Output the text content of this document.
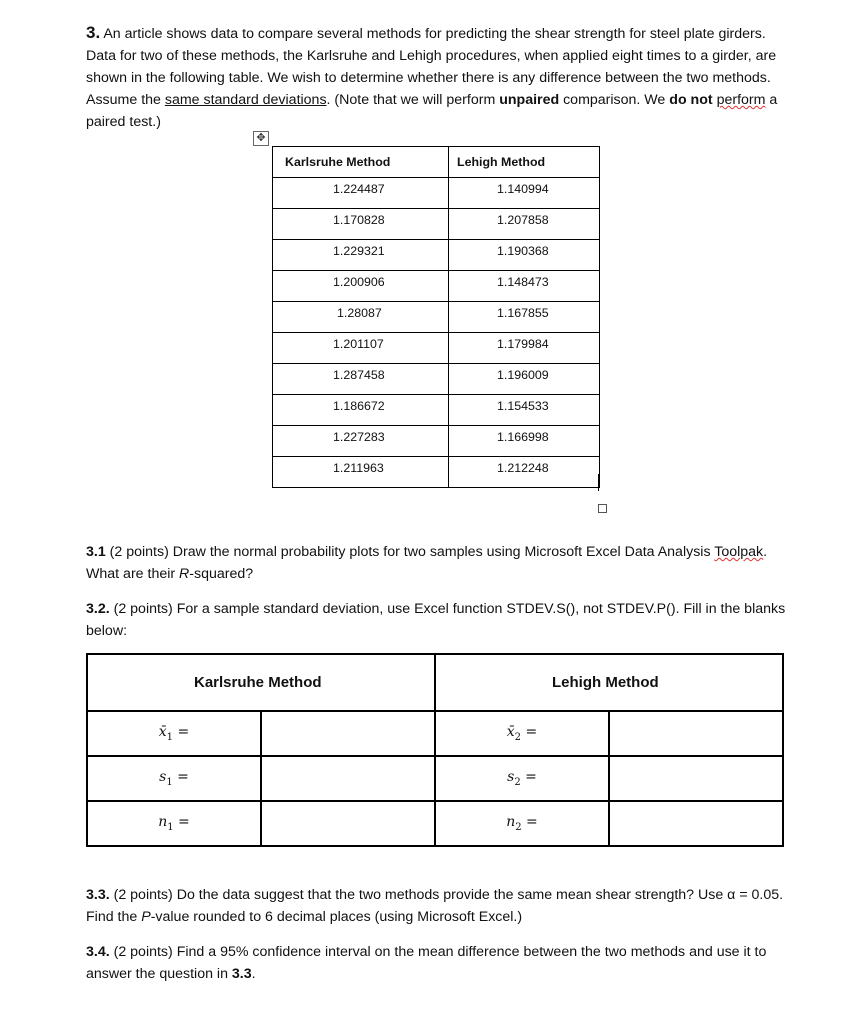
3. An article shows data to compare several methods for predicting the shear strength for steel plate girders. Data for two of these methods, the Karlsruhe and Lehigh procedures, when applied eight times to a girder, are shown in the following table. We wish to determine whether there is any difference between the two methods. Assume the same standard deviations. (Note that we will perform unpaired comparison. We do not perform a paired test.)

✥
Karlsruhe Method	Lehigh Method
1.224487	1.140994
1.170828	1.207858
1.229321	1.190368
1.200906	1.148473
1.28087	1.167855
1.201107	1.179984
1.287458	1.196009
1.186672	1.154533
1.227283	1.166998
1.211963	1.212248

3.1 (2 points) Draw the normal probability plots for two samples using Microsoft Excel Data Analysis Toolpak. What are their R-squared?

3.2. (2 points) For a sample standard deviation, use Excel function STDEV.S(), not STDEV.P(). Fill in the blanks below:

Karlsruhe Method		Lehigh Method	
$x̄_1$ =		$x̄_2$ =	
$s_1$ =		$s_2$ =	
$n_1$ =		$n_2$ =	

3.3. (2 points) Do the data suggest that the two methods provide the same mean shear strength? Use α = 0.05. Find the P-value rounded to 6 decimal places (using Microsoft Excel.)

3.4. (2 points) Find a 95% confidence interval on the mean difference between the two methods and use it to answer the question in 3.3.
